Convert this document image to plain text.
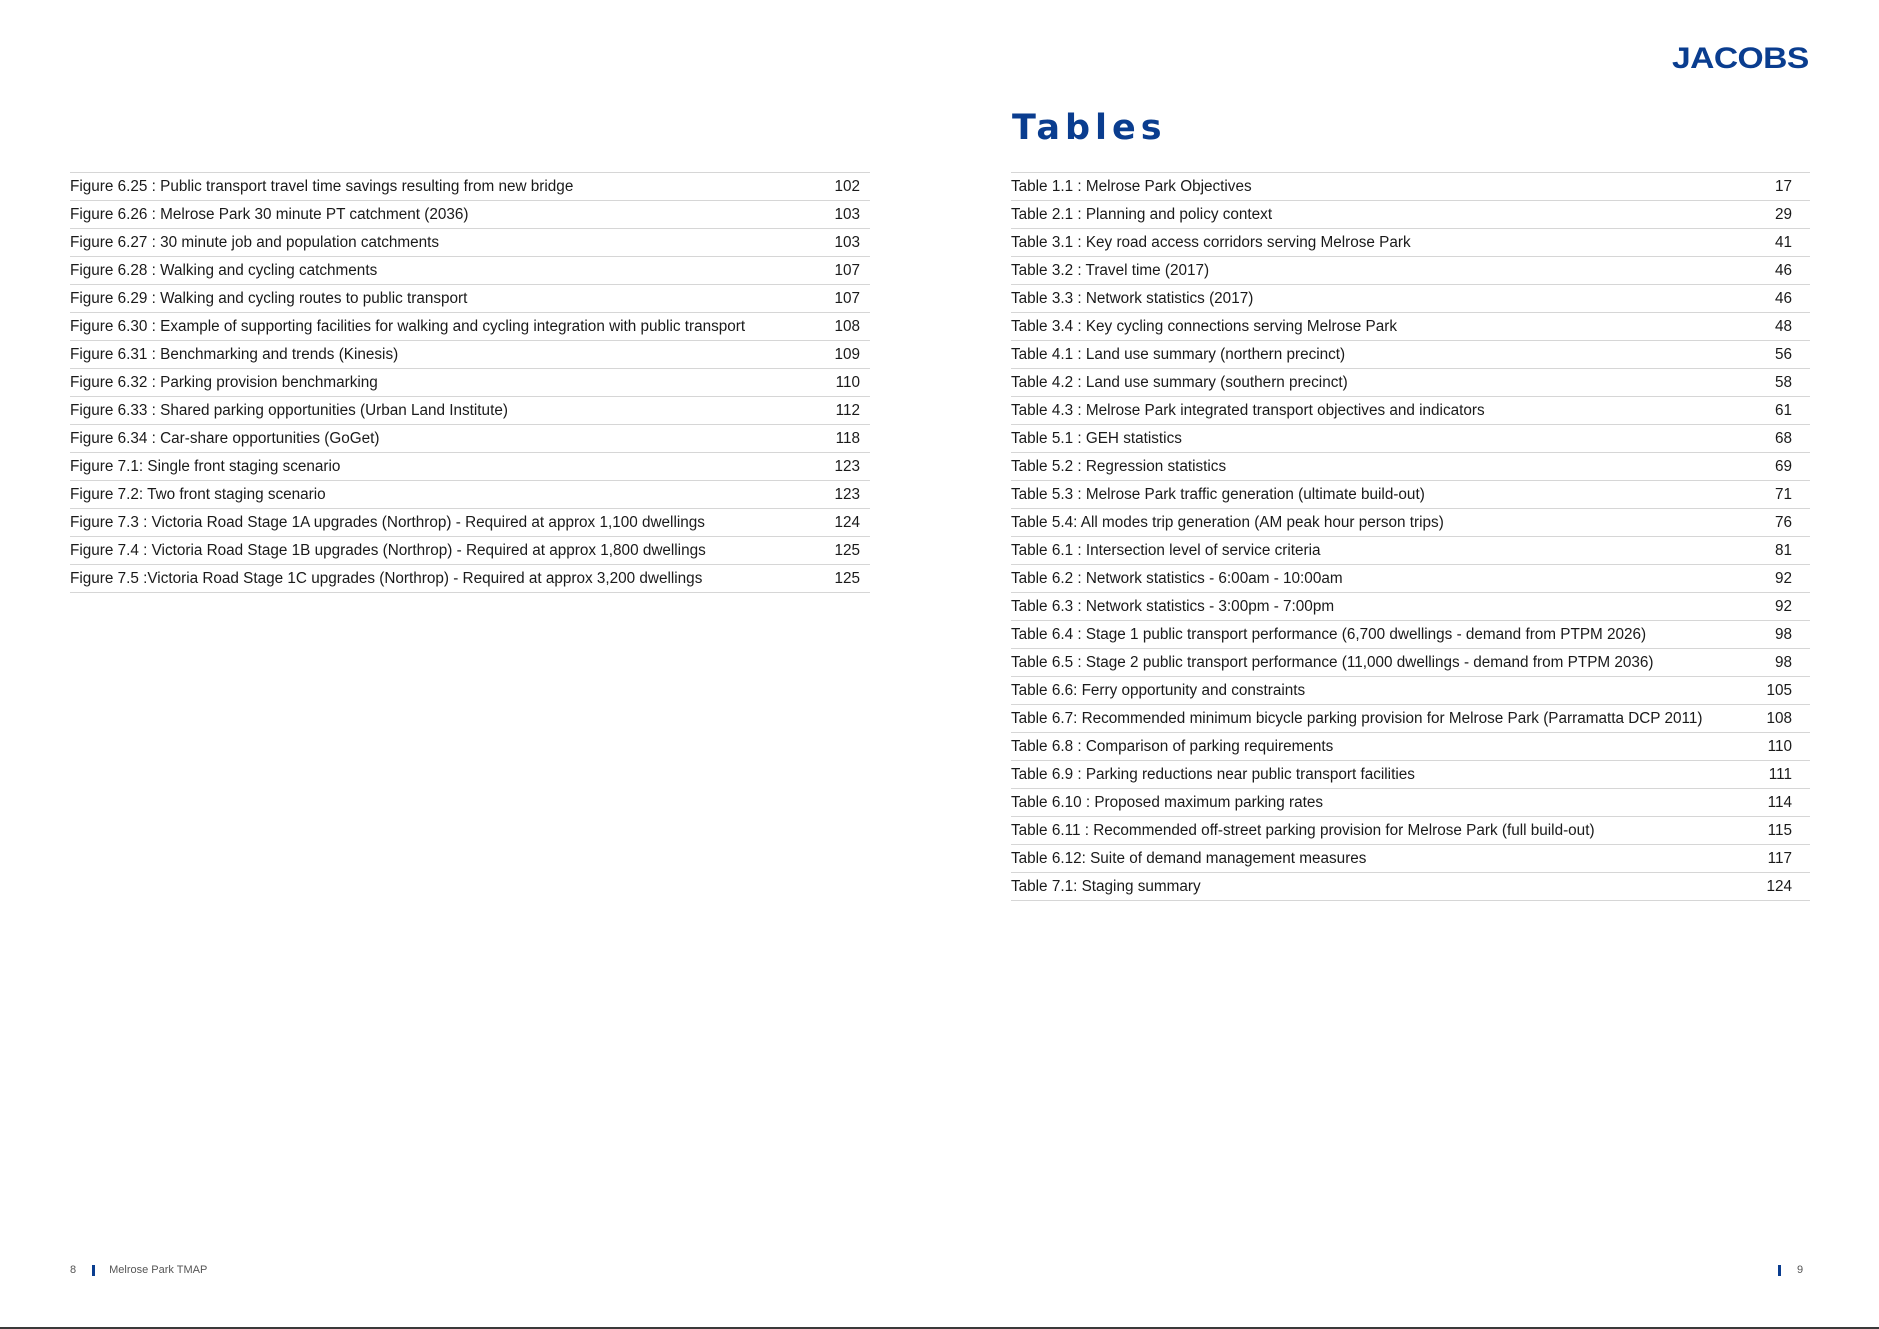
JACOBS
Tables
Figure 6.25 : Public transport travel time savings resulting from new bridge	102
Figure 6.26 : Melrose Park 30 minute PT catchment (2036)	103
Figure 6.27 : 30 minute job and population catchments	103
Figure 6.28 : Walking and cycling catchments	107
Figure 6.29 : Walking and cycling routes to public transport	107
Figure 6.30 : Example of supporting facilities for walking and cycling integration with public transport	108
Figure 6.31 : Benchmarking and trends (Kinesis)	109
Figure 6.32 : Parking provision benchmarking	110
Figure 6.33 : Shared parking opportunities (Urban Land Institute)	112
Figure 6.34 : Car-share opportunities (GoGet)	118
Figure 7.1: Single front staging scenario	123
Figure 7.2: Two front staging scenario	123
Figure 7.3 : Victoria Road Stage 1A upgrades (Northrop) - Required at approx 1,100 dwellings	124
Figure 7.4 : Victoria Road Stage 1B upgrades (Northrop) - Required at approx 1,800 dwellings	125
Figure 7.5 :Victoria Road Stage 1C upgrades (Northrop) - Required at approx 3,200 dwellings	125
Table 1.1 : Melrose Park Objectives	17
Table 2.1 : Planning and policy context	29
Table 3.1 : Key road access corridors serving Melrose Park	41
Table 3.2 : Travel time (2017)	46
Table 3.3 : Network statistics (2017)	46
Table 3.4 : Key cycling connections serving Melrose Park	48
Table 4.1 : Land use summary (northern precinct)	56
Table 4.2 : Land use summary (southern precinct)	58
Table 4.3 : Melrose Park integrated transport objectives and indicators	61
Table 5.1 : GEH statistics	68
Table 5.2 : Regression statistics	69
Table 5.3 : Melrose Park traffic generation (ultimate build-out)	71
Table 5.4: All modes trip generation (AM peak hour person trips)	76
Table 6.1 : Intersection level of service criteria	81
Table 6.2 : Network statistics - 6:00am - 10:00am	92
Table 6.3 : Network statistics - 3:00pm - 7:00pm	92
Table 6.4 : Stage 1 public transport performance (6,700 dwellings - demand from PTPM 2026)	98
Table 6.5 : Stage 2 public transport performance (11,000 dwellings - demand from PTPM 2036)	98
Table 6.6: Ferry opportunity and constraints	105
Table 6.7: Recommended minimum bicycle parking provision for Melrose Park (Parramatta DCP 2011)	108
Table 6.8 : Comparison of parking requirements	110
Table 6.9 : Parking reductions near public transport facilities	111
Table 6.10 : Proposed maximum parking rates	114
Table 6.11 : Recommended off-street parking provision for Melrose Park (full build-out)	115
Table 6.12: Suite of demand management measures	117
Table 7.1: Staging summary	124
8	Melrose Park TMAP	9
